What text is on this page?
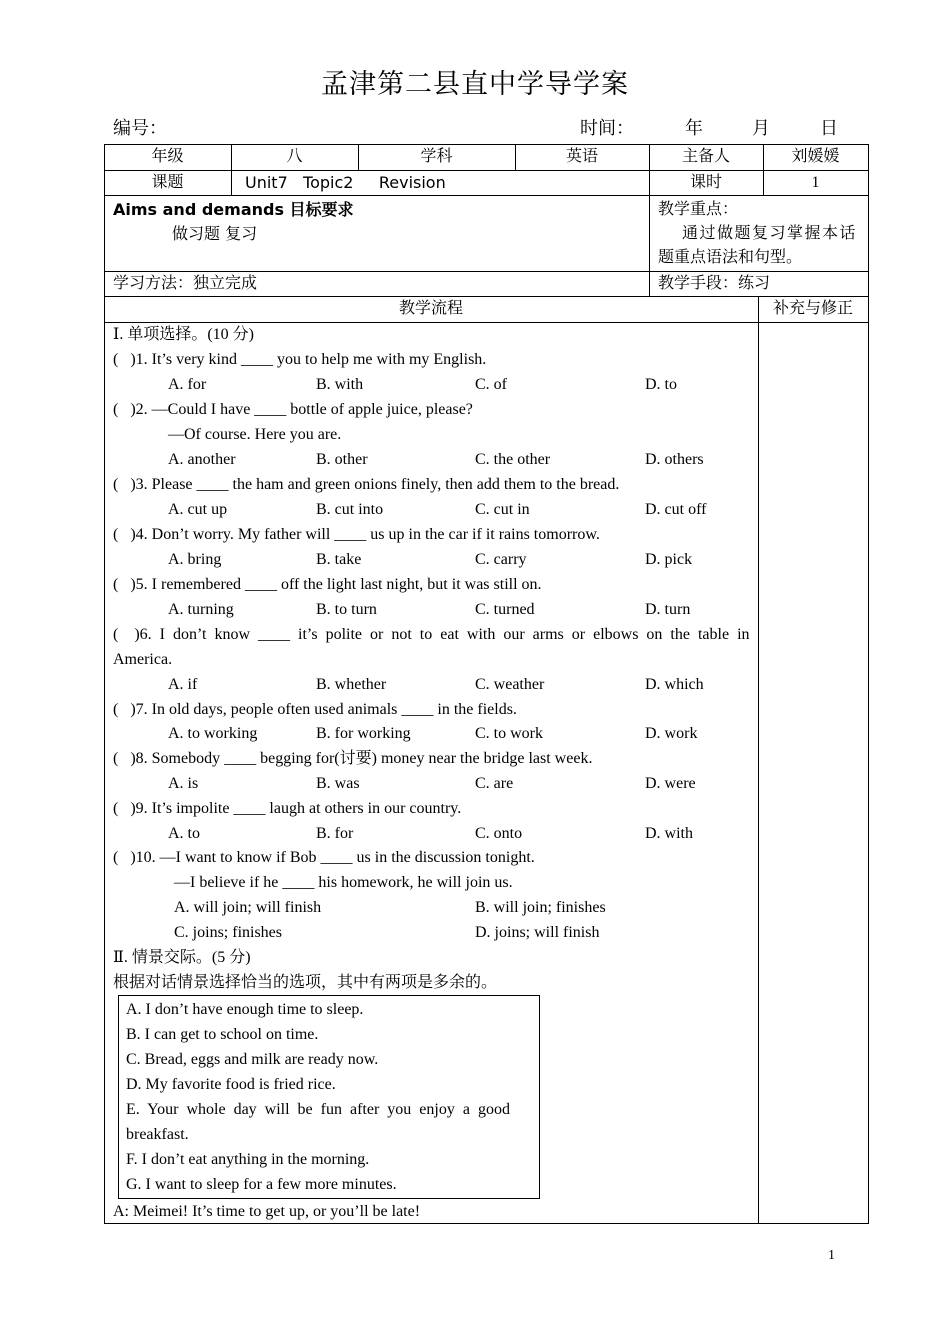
孟津第二县直中学导学案
编号：	时间：	年	月	日
年级	八	学科	英语	主备人	刘媛媛
课题	Unit7   Topic2     Revision	课时	1
Aims and demands 目标要求
做习题 复习
教学重点：
通过做题复习掌握本话
题重点语法和句型。
学习方法：独立完成	教学手段：练习
教学流程	补充与修正
Ⅰ. 单项选择。(10 分)
(   )1. It’s very kind ____ you to help me with my English.
A. for	B. with	C. of	D. to
(   )2. —Could I have ____ bottle of apple juice, please?
—Of course. Here you are.
A. another	B. other	C. the other	D. others
(   )3. Please ____ the ham and green onions finely, then add them to the bread.
A. cut up	B. cut into	C. cut in	D. cut off
(   )4. Don’t worry. My father will ____ us up in the car if it rains tomorrow.
A. bring	B. take	C. carry	D. pick
(   )5. I remembered ____ off the light last night, but it was still on.
A. turning	B. to turn	C. turned	D. turn
(    )6.  I  don’t  know  ____  it’s  polite  or  not  to  eat  with  our  arms  or  elbows  on  the  table  in
America.
A. if	B. whether	C. weather	D. which
(   )7. In old days, people often used animals ____ in the fields.
A. to working	B. for working	C. to work	D. work
(   )8. Somebody ____ begging for(讨要) money near the bridge last week.
A. is	B. was	C. are	D. were
(   )9. It’s impolite ____ laugh at others in our country.
A. to	B. for	C. onto	D. with
(   )10. —I want to know if Bob ____ us in the discussion tonight.
—I believe if he ____ his homework, he will join us.
A. will join; will finish	B. will join; finishes
C. joins; finishes	D. joins; will finish
Ⅱ. 情景交际。(5 分)
根据对话情景选择恰当的选项，其中有两项是多余的。
A. I don’t have enough time to sleep.
B. I can get to school on time.
C. Bread, eggs and milk are ready now.
D. My favorite food is fried rice.
E.  Your  whole  day  will  be  fun  after  you  enjoy  a  good
breakfast.
F. I don’t eat anything in the morning.
G. I want to sleep for a few more minutes.
A: Meimei! It’s time to get up, or you’ll be late!
1
